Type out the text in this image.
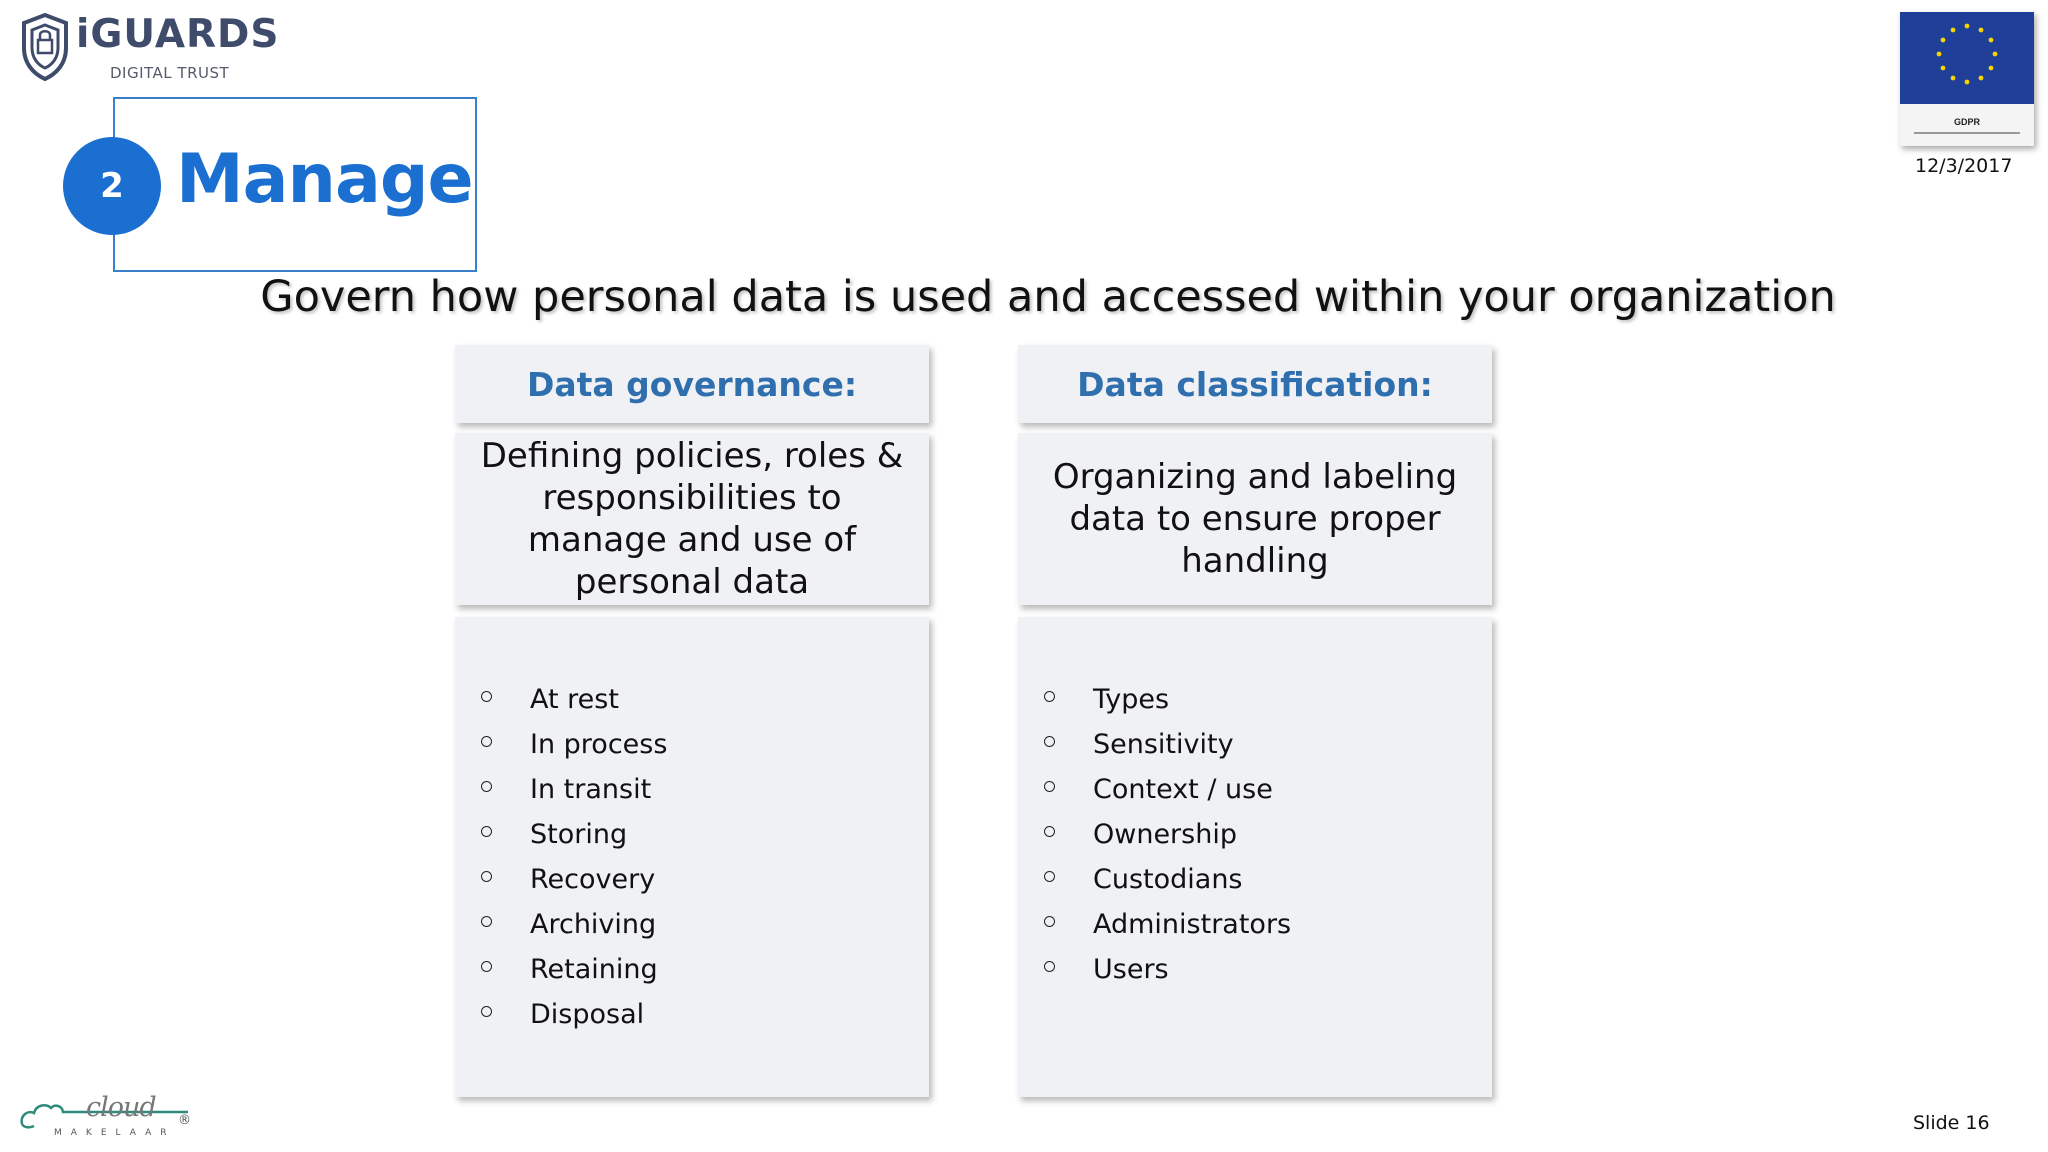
iGUARDS
DIGITAL TRUST
2 Manage
GDPR
12/3/2017
Govern how personal data is used and accessed within your organization
Data governance:
Defining policies, roles & responsibilities to manage and use of personal data
At rest
In process
In transit
Storing
Recovery
Archiving
Retaining
Disposal
Data classification:
Organizing and labeling data to ensure proper handling
Types
Sensitivity
Context / use
Ownership
Custodians
Administrators
Users
cloud
MAKELAAR
®	Slide 16
